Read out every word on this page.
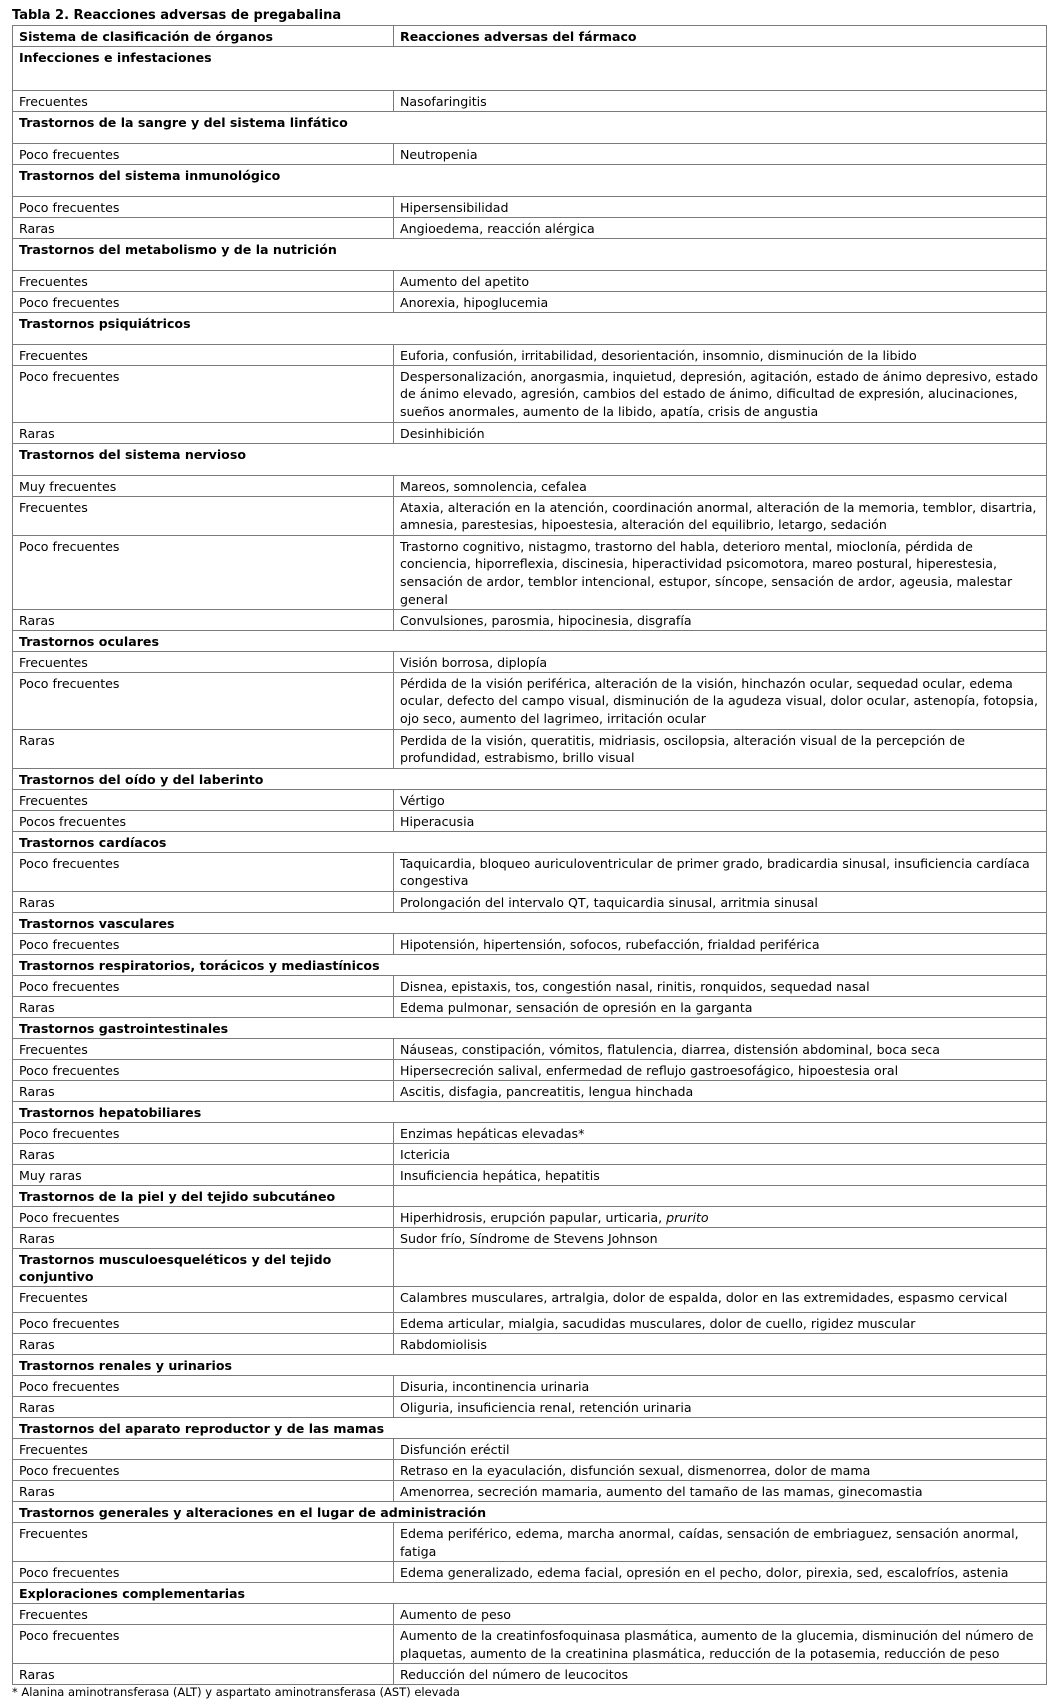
Tabla 2. Reacciones adversas de pregabalina
Sistema de clasificación de órganos	Reacciones adversas del fármaco
Infecciones e infestaciones	
Frecuentes	Nasofaringitis
Trastornos de la sangre y del sistema linfático	
Poco frecuentes	Neutropenia
Trastornos del sistema inmunológico	
Poco frecuentes	Hipersensibilidad
Raras	Angioedema, reacción alérgica
Trastornos del metabolismo y de la nutrición	
Frecuentes	Aumento del apetito
Poco frecuentes	Anorexia, hipoglucemia
Trastornos psiquiátricos	
Frecuentes	Euforia, confusión, irritabilidad, desorientación, insomnio, disminución de la libido
Poco frecuentes	Despersonalización, anorgasmia, inquietud, depresión, agitación, estado de ánimo depresivo, estado de ánimo elevado, agresión, cambios del estado de ánimo, dificultad de expresión, alucinaciones, sueños anormales, aumento de la libido, apatía, crisis de angustia
Raras	Desinhibición
Trastornos del sistema nervioso	
Muy frecuentes	Mareos, somnolencia, cefalea
Frecuentes	Ataxia, alteración en la atención, coordinación anormal, alteración de la memoria, temblor, disartria, amnesia, parestesias, hipoestesia, alteración del equilibrio, letargo, sedación
Poco frecuentes	Trastorno cognitivo, nistagmo, trastorno del habla, deterioro mental, mioclonía, pérdida de conciencia, hiporreflexia, discinesia, hiperactividad psicomotora, mareo postural, hiperestesia, sensación de ardor, temblor intencional, estupor, síncope, sensación de ardor, ageusia, malestar general
Raras	Convulsiones, parosmia, hipocinesia, disgrafía
Trastornos oculares	
Frecuentes	Visión borrosa, diplopía
Poco frecuentes	Pérdida de la visión periférica, alteración de la visión, hinchazón ocular, sequedad ocular, edema ocular, defecto del campo visual, disminución de la agudeza visual, dolor ocular, astenopía, fotopsia, ojo seco, aumento del lagrimeo, irritación ocular
Raras	Perdida de la visión, queratitis, midriasis, oscilopsia, alteración visual de la percepción de profundidad, estrabismo, brillo visual
Trastornos del oído y del laberinto	
Frecuentes	Vértigo
Pocos frecuentes	Hiperacusia
Trastornos cardíacos	
Poco frecuentes	Taquicardia, bloqueo auriculoventricular de primer grado, bradicardia sinusal, insuficiencia cardíaca congestiva
Raras	Prolongación del intervalo QT, taquicardia sinusal, arritmia sinusal
Trastornos vasculares	
Poco frecuentes	Hipotensión, hipertensión, sofocos, rubefacción, frialdad periférica
Trastornos respiratorios, torácicos y mediastínicos	
Poco frecuentes	Disnea, epistaxis, tos, congestión nasal, rinitis, ronquidos, sequedad nasal
Raras	Edema pulmonar, sensación de opresión en la garganta
Trastornos gastrointestinales	
Frecuentes	Náuseas, constipación, vómitos, flatulencia, diarrea, distensión abdominal, boca seca
Poco frecuentes	Hipersecreción salival, enfermedad de reflujo gastroesofágico, hipoestesia oral
Raras	Ascitis, disfagia, pancreatitis, lengua hinchada
Trastornos hepatobiliares	
Poco frecuentes	Enzimas hepáticas elevadas*
Raras	Ictericia
Muy raras	Insuficiencia hepática, hepatitis
Trastornos de la piel y del tejido subcutáneo	
Poco frecuentes	Hiperhidrosis, erupción papular, urticaria, prurito
Raras	Sudor frío, Síndrome de Stevens Johnson
Trastornos musculoesqueléticos y del tejido conjuntivo	
Frecuentes	Calambres musculares, artralgia, dolor de espalda, dolor en las extremidades, espasmo cervical
Poco frecuentes	Edema articular, mialgia, sacudidas musculares, dolor de cuello, rigidez muscular
Raras	Rabdomiolisis
Trastornos renales y urinarios	
Poco frecuentes	Disuria, incontinencia urinaria
Raras	Oliguria, insuficiencia renal, retención urinaria
Trastornos del aparato reproductor y de las mamas	
Frecuentes	Disfunción eréctil
Poco frecuentes	Retraso en la eyaculación, disfunción sexual, dismenorrea, dolor de mama
Raras	Amenorrea, secreción mamaria, aumento del tamaño de las mamas, ginecomastia
Trastornos generales y alteraciones en el lugar de administración	
Frecuentes	Edema periférico, edema, marcha anormal, caídas, sensación de embriaguez, sensación anormal, fatiga
Poco frecuentes	Edema generalizado, edema facial, opresión en el pecho, dolor, pirexia, sed, escalofríos, astenia
Exploraciones complementarias	
Frecuentes	Aumento de peso
Poco frecuentes	Aumento de la creatinfosfoquinasa plasmática, aumento de la glucemia, disminución del número de plaquetas, aumento de la creatinina plasmática, reducción de la potasemia, reducción de peso
Raras	Reducción del número de leucocitos
* Alanina aminotransferasa (ALT) y aspartato aminotransferasa (AST) elevada
